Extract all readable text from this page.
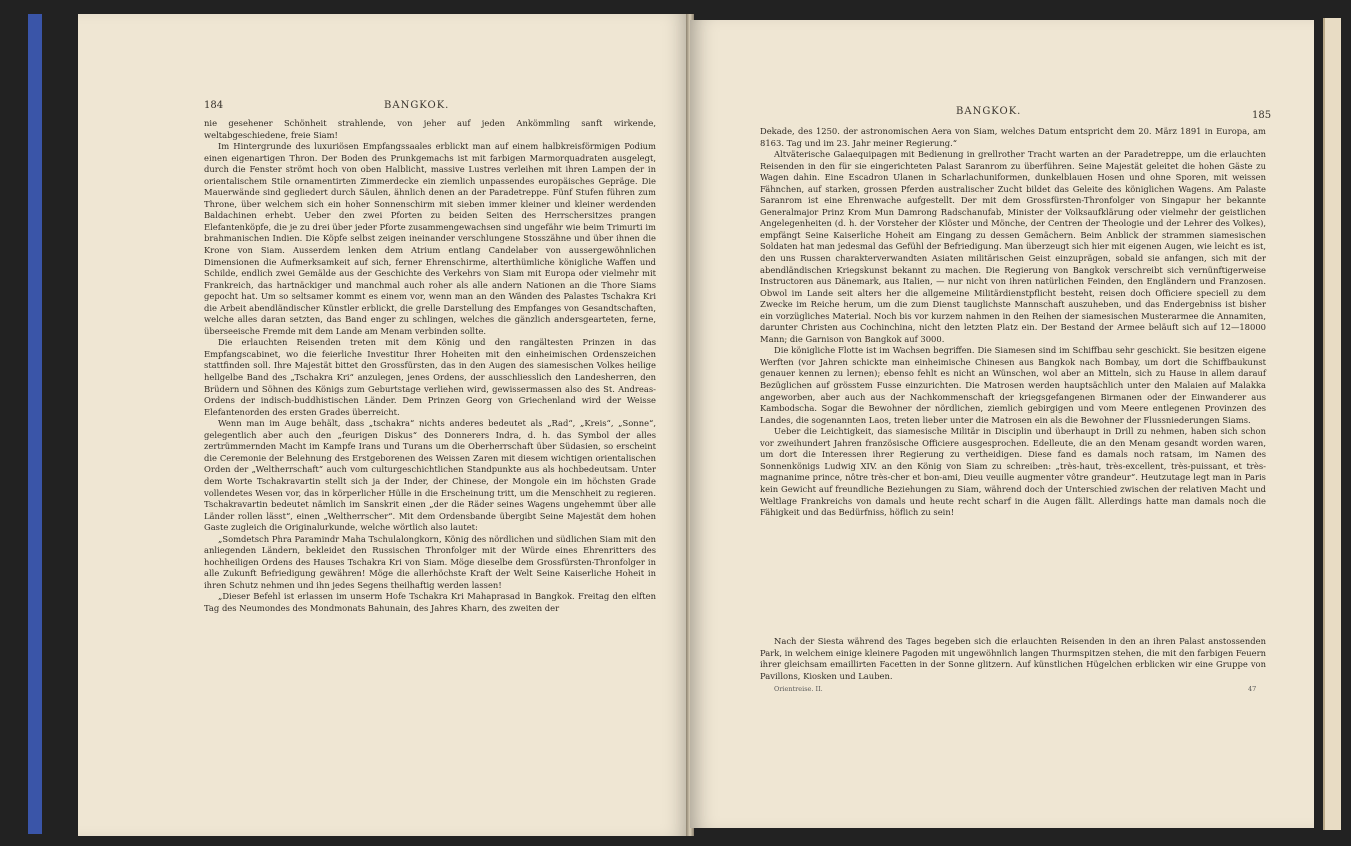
184	BANGKOK.

nie gesehener Schönheit strahlende, von jeher auf jeden Ankömmling sanft wirkende, weltabgeschiedene, freie Siam!

Im Hintergrunde des luxuriösen Empfangssaales erblickt man auf einem halbkreisförmigen Podium einen eigenartigen Thron. Der Boden des Prunkgemachs ist mit farbigen Marmorquadraten ausgelegt, durch die Fenster strömt hoch von oben Halblicht, massive Lustres verleihen mit ihren Lampen der in orientalischem Stile ornamentirten Zimmerdecke ein ziemlich unpassendes europäisches Gepräge. Die Mauerwände sind gegliedert durch Säulen, ähnlich denen an der Paradetreppe. Fünf Stufen führen zum Throne, über welchem sich ein hoher Sonnenschirm mit sieben immer kleiner und kleiner werdenden Baldachinen erhebt. Ueber den zwei Pforten zu beiden Seiten des Herrschersitzes prangen Elefantenköpfe, die je zu drei über jeder Pforte zusammengewachsen sind ungefähr wie beim Trimurti im brahmanischen Indien. Die Köpfe selbst zeigen ineinander verschlungene Stosszähne und über ihnen die Krone von Siam. Ausserdem lenken dem Atrium entlang Candelaber von aussergewöhnlichen Dimensionen die Aufmerksamkeit auf sich, ferner Ehrenschirme, alterthümliche königliche Waffen und Schilde, endlich zwei Gemälde aus der Geschichte des Verkehrs von Siam mit Europa oder vielmehr mit Frankreich, das hartnäckiger und manchmal auch roher als alle andern Nationen an die Thore Siams gepocht hat. Um so seltsamer kommt es einem vor, wenn man an den Wänden des Palastes Tschakra Kri die Arbeit abendländischer Künstler erblickt, die grelle Darstellung des Empfanges von Gesandtschaften, welche alles daran setzten, das Band enger zu schlingen, welches die gänzlich andersgearteten, ferne, überseeische Fremde mit dem Lande am Menam verbinden sollte.

Die erlauchten Reisenden treten mit dem König und den rangältesten Prinzen in das Empfangscabinet, wo die feierliche Investitur Ihrer Hoheiten mit den einheimischen Ordenszeichen stattfinden soll. Ihre Majestät bittet den Grossfürsten, das in den Augen des siamesischen Volkes heilige hellgelbe Band des „Tschakra Kri“ anzulegen, jenes Ordens, der ausschliesslich den Landesherren, den Brüdern und Söhnen des Königs zum Geburtstage verliehen wird, gewissermassen also des St. Andreas-Ordens der indisch-buddhistischen Länder. Dem Prinzen Georg von Griechenland wird der Weisse Elefantenorden des ersten Grades überreicht.

Wenn man im Auge behält, dass „tschakra“ nichts anderes bedeutet als „Rad“, „Kreis“, „Sonne“, gelegentlich aber auch den „feurigen Diskus“ des Donnerers Indra, d. h. das Symbol der alles zertrümmernden Macht im Kampfe Irans und Turans um die Oberherrschaft über Südasien, so erscheint die Ceremonie der Belehnung des Erstgeborenen des Weissen Zaren mit diesem wichtigen orientalischen Orden der „Weltherrschaft“ auch vom culturgeschichtlichen Standpunkte aus als hochbedeutsam. Unter dem Worte Tschakravartin stellt sich ja der Inder, der Chinese, der Mongole ein im höchsten Grade vollendetes Wesen vor, das in körperlicher Hülle in die Erscheinung tritt, um die Menschheit zu regieren. Tschakravartin bedeutet nämlich im Sanskrit einen „der die Räder seines Wagens ungehemmt über alle Länder rollen lässt“, einen „Weltherrscher“. Mit dem Ordensbande übergibt Seine Majestät dem hohen Gaste zugleich die Originalurkunde, welche wörtlich also lautet:

„Somdetsch Phra Paramindr Maha Tschulalongkorn, König des nördlichen und südlichen Siam mit den anliegenden Ländern, bekleidet den Russischen Thronfolger mit der Würde eines Ehrenritters des hochheiligen Ordens des Hauses Tschakra Kri von Siam. Möge dieselbe dem Grossfürsten-Thronfolger in alle Zukunft Befriedigung gewähren! Möge die allerhöchste Kraft der Welt Seine Kaiserliche Hoheit in ihren Schutz nehmen und ihn jedes Segens theilhaftig werden lassen!

„Dieser Befehl ist erlassen im unserm Hofe Tschakra Kri Mahaprasad in Bangkok. Freitag den elften Tag des Neumondes des Mondmonats Bahunain, des Jahres Kharn, des zweiten der

BANGKOK.	185

Dekade, des 1250. der astronomischen Aera von Siam, welches Datum entspricht dem 20. März 1891 in Europa, am 8163. Tag und im 23. Jahr meiner Regierung.“

Altväterische Galaequipagen mit Bedienung in grellrother Tracht warten an der Paradetreppe, um die erlauchten Reisenden in den für sie eingerichteten Palast Saranrom zu überführen. Seine Majestät geleitet die hohen Gäste zu Wagen dahin. Eine Escadron Ulanen in Scharlachuniformen, dunkelblauen Hosen und ohne Sporen, mit weissen Fähnchen, auf starken, grossen Pferden australischer Zucht bildet das Geleite des königlichen Wagens. Am Palaste Saranrom ist eine Ehrenwache aufgestellt. Der mit dem Grossfürsten-Thronfolger von Singapur her bekannte Generalmajor Prinz Krom Mun Damrong Radschanufab, Minister der Volksaufklärung oder vielmehr der geistlichen Angelegenheiten (d. h. der Vorsteher der Klöster und Mönche, der Centren der Theologie und der Lehrer des Volkes), empfängt Seine Kaiserliche Hoheit am Eingang zu dessen Gemächern. Beim Anblick der strammen siamesischen Soldaten hat man jedesmal das Gefühl der Befriedigung. Man überzeugt sich hier mit eigenen Augen, wie leicht es ist, den uns Russen charakterverwandten Asiaten militärischen Geist einzuprägen, sobald sie anfangen, sich mit der abendländischen Kriegskunst bekannt zu machen. Die Regierung von Bangkok verschreibt sich vernünftigerweise Instructoren aus Dänemark, aus Italien, — nur nicht von ihren natürlichen Feinden, den Engländern und Franzosen. Obwol im Lande seit alters her die allgemeine Militärdienstpflicht besteht, reisen doch Officiere speciell zu dem Zwecke im Reiche herum, um die zum Dienst tauglichste Mannschaft auszuheben, und das Endergebniss ist bisher ein vorzügliches Material. Noch bis vor kurzem nahmen in den Reihen der siamesischen Musterarmee die Annamiten, darunter Christen aus Cochinchina, nicht den letzten Platz ein. Der Bestand der Armee beläuft sich auf 12—18000 Mann; die Garnison von Bangkok auf 3000.

Die königliche Flotte ist im Wachsen begriffen. Die Siamesen sind im Schiffbau sehr geschickt. Sie besitzen eigene Werften (vor Jahren schickte man einheimische Chinesen aus Bangkok nach Bombay, um dort die Schiffbaukunst genauer kennen zu lernen); ebenso fehlt es nicht an Wünschen, wol aber an Mitteln, sich zu Hause in allem darauf Bezüglichen auf grösstem Fusse einzurichten. Die Matrosen werden hauptsächlich unter den Malaien auf Malakka angeworben, aber auch aus der Nachkommenschaft der kriegsgefangenen Birmanen oder der Einwanderer aus Kambodscha. Sogar die Bewohner der nördlichen, ziemlich gebirgigen und vom Meere entlegenen Provinzen des Landes, die sogenannten Laos, treten lieber unter die Matrosen ein als die Bewohner der Flussniederungen Siams.

Ueber die Leichtigkeit, das siamesische Militär in Disciplin und überhaupt in Drill zu nehmen, haben sich schon vor zweihundert Jahren französische Officiere ausgesprochen. Edelleute, die an den Menam gesandt worden waren, um dort die Interessen ihrer Regierung zu vertheidigen. Diese fand es damals noch ratsam, im Namen des Sonnenkönigs Ludwig XIV. an den König von Siam zu schreiben: „très-haut, très-excellent, très-puissant, et très-magnanime prince, nôtre très-cher et bon-ami, Dieu veuille augmenter vôtre grandeur“. Heutzutage legt man in Paris kein Gewicht auf freundliche Beziehungen zu Siam, während doch der Unterschied zwischen der relativen Macht und Weltlage Frankreichs von damals und heute recht scharf in die Augen fällt. Allerdings hatte man damals noch die Fähigkeit und das Bedürfniss, höflich zu sein!

Nach der Siesta während des Tages begeben sich die erlauchten Reisenden in den an ihren Palast anstossenden Park, in welchem einige kleinere Pagoden mit ungewöhnlich langen Thurmspitzen stehen, die mit den farbigen Feuern ihrer gleichsam emaillirten Facetten in der Sonne glitzern. Auf künstlichen Hügelchen erblicken wir eine Gruppe von Pavillons, Kiosken und Lauben.

Orientreise. II.	47
